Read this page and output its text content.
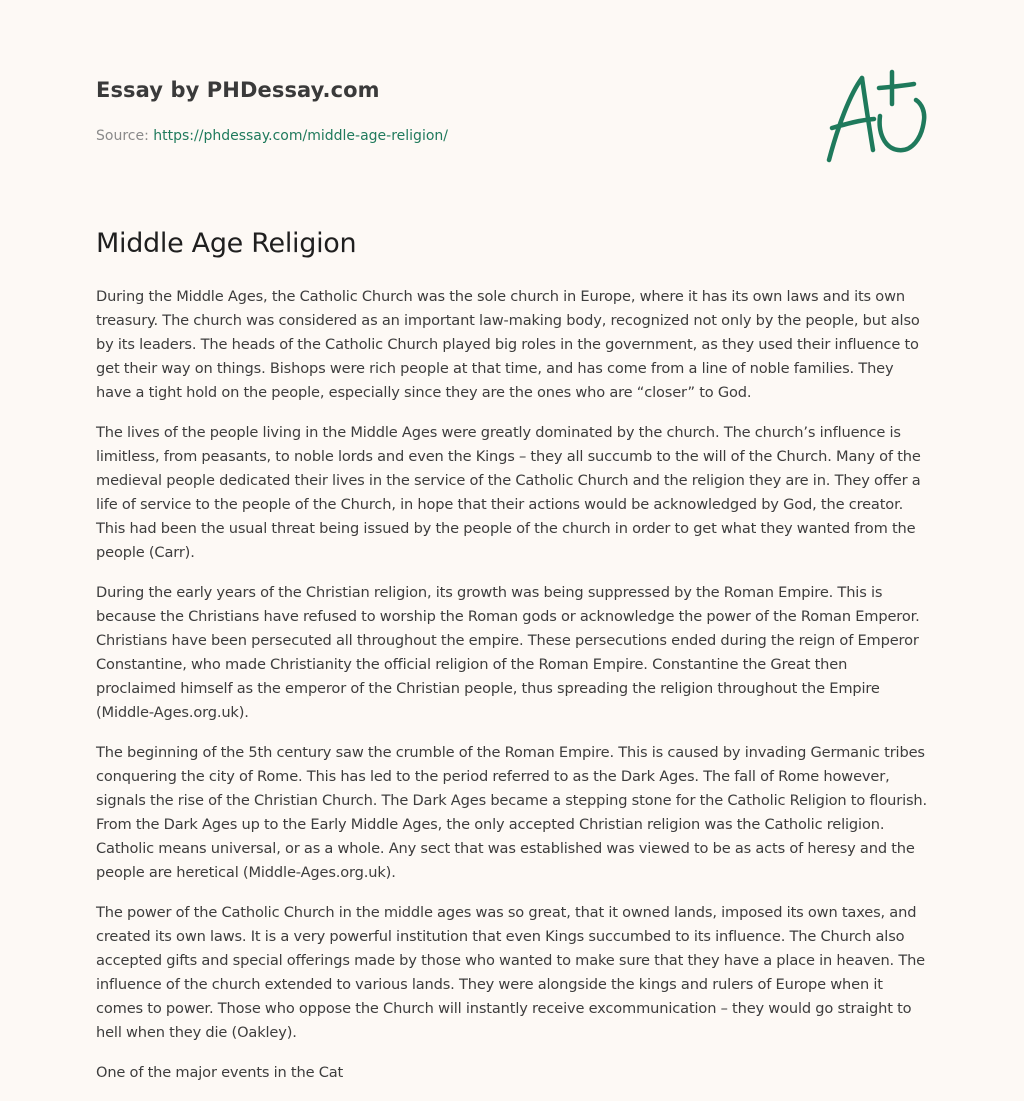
Essay by PHDessay.com
Source: https://phdessay.com/middle-age-religion/
Middle Age Religion

During the Middle Ages, the Catholic Church was the sole church in Europe, where it has its own laws and its own treasury. The church was considered as an important law-making body, recognized not only by the people, but also by its leaders. The heads of the Catholic Church played big roles in the government, as they used their influence to get their way on things. Bishops were rich people at that time, and has come from a line of noble families. They have a tight hold on the people, especially since they are the ones who are “closer” to God.

The lives of the people living in the Middle Ages were greatly dominated by the church. The church’s influence is limitless, from peasants, to noble lords and even the Kings – they all succumb to the will of the Church. Many of the medieval people dedicated their lives in the service of the Catholic Church and the religion they are in. They offer a life of service to the people of the Church, in hope that their actions would be acknowledged by God, the creator. This had been the usual threat being issued by the people of the church in order to get what they wanted from the people (Carr).

During the early years of the Christian religion, its growth was being suppressed by the Roman Empire. This is because the Christians have refused to worship the Roman gods or acknowledge the power of the Roman Emperor. Christians have been persecuted all throughout the empire. These persecutions ended during the reign of Emperor Constantine, who made Christianity the official religion of the Roman Empire. Constantine the Great then proclaimed himself as the emperor of the Christian people, thus spreading the religion throughout the Empire (Middle-Ages.org.uk).

The beginning of the 5th century saw the crumble of the Roman Empire. This is caused by invading Germanic tribes conquering the city of Rome. This has led to the period referred to as the Dark Ages. The fall of Rome however, signals the rise of the Christian Church. The Dark Ages became a stepping stone for the Catholic Religion to flourish. From the Dark Ages up to the Early Middle Ages, the only accepted Christian religion was the Catholic religion. Catholic means universal, or as a whole. Any sect that was established was viewed to be as acts of heresy and the people are heretical (Middle-Ages.org.uk).

The power of the Catholic Church in the middle ages was so great, that it owned lands, imposed its own taxes, and created its own laws. It is a very powerful institution that even Kings succumbed to its influence. The Church also accepted gifts and special offerings made by those who wanted to make sure that they have a place in heaven. The influence of the church extended to various lands. They were alongside the kings and rulers of Europe when it comes to power. Those who oppose the Church will instantly receive excommunication – they would go straight to hell when they die (Oakley).

One of the major events in the Cat
